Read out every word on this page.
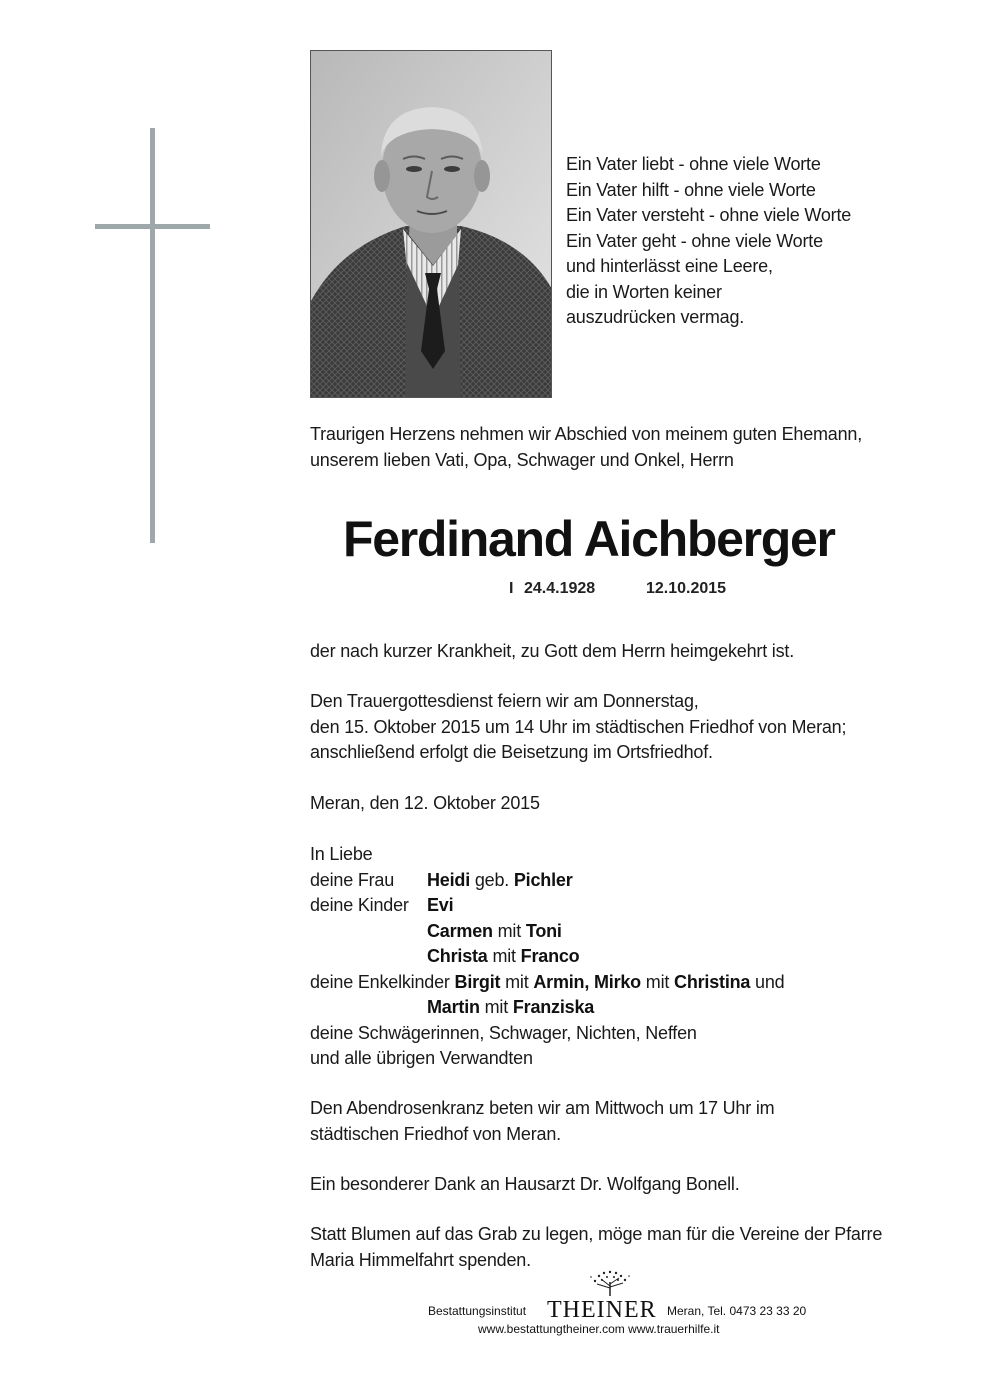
Ein Vater liebt - ohne viele Worte
Ein Vater hilft - ohne viele Worte
Ein Vater versteht - ohne viele Worte
Ein Vater geht - ohne viele Worte
und hinterlässt eine Leere,
die in Worten keiner
auszudrücken vermag.
Traurigen Herzens nehmen wir Abschied von meinem guten Ehemann,
unserem lieben Vati, Opa, Schwager und Onkel, Herrn
Ferdinand Aichberger
I 24.4.1928	12.10.2015
der nach kurzer Krankheit, zu Gott dem Herrn heimgekehrt ist.
Den Trauergottesdienst feiern wir am Donnerstag,
den 15. Oktober 2015 um 14 Uhr im städtischen Friedhof von Meran;
anschließend erfolgt die Beisetzung im Ortsfriedhof.
Meran, den 12. Oktober 2015
In Liebe
deine Frau Heidi geb. Pichler
deine Kinder Evi
Carmen mit Toni
Christa mit Franco
deine Enkelkinder Birgit mit Armin, Mirko mit Christina und
Martin mit Franziska
deine Schwägerinnen, Schwager, Nichten, Neffen
und alle übrigen Verwandten
Den Abendrosenkranz beten wir am Mittwoch um 17 Uhr im
städtischen Friedhof von Meran.
Ein besonderer Dank an Hausarzt Dr. Wolfgang Bonell.
Statt Blumen auf das Grab zu legen, möge man für die Vereine der Pfarre
Maria Himmelfahrt spenden.
Bestattungsinstitut THEINER Meran, Tel. 0473 23 33 20
www.bestattungtheiner.com www.trauerhilfe.it
